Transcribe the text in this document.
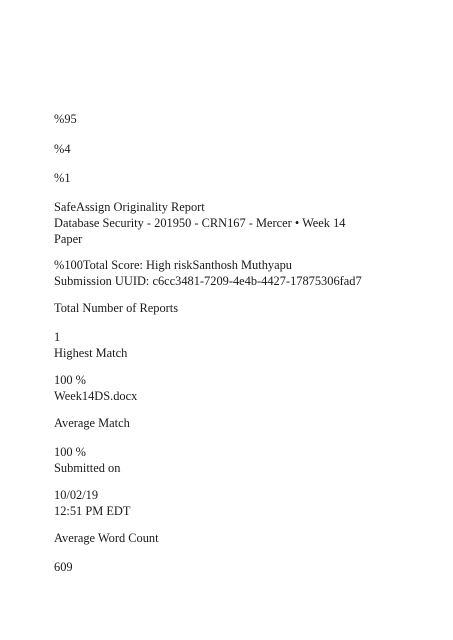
%95

%4

%1

SafeAssign Originality Report

Database Security - 201950 - CRN167 - Mercer • Week 14

Paper

%100Total Score: High riskSanthosh Muthyapu

Submission UUID: c6cc3481-7209-4e4b-4427-17875306fad7

Total Number of Reports

1

Highest Match

100 %

Week14DS.docx

Average Match

100 %

Submitted on

10/02/19

12:51 PM EDT

Average Word Count

609
